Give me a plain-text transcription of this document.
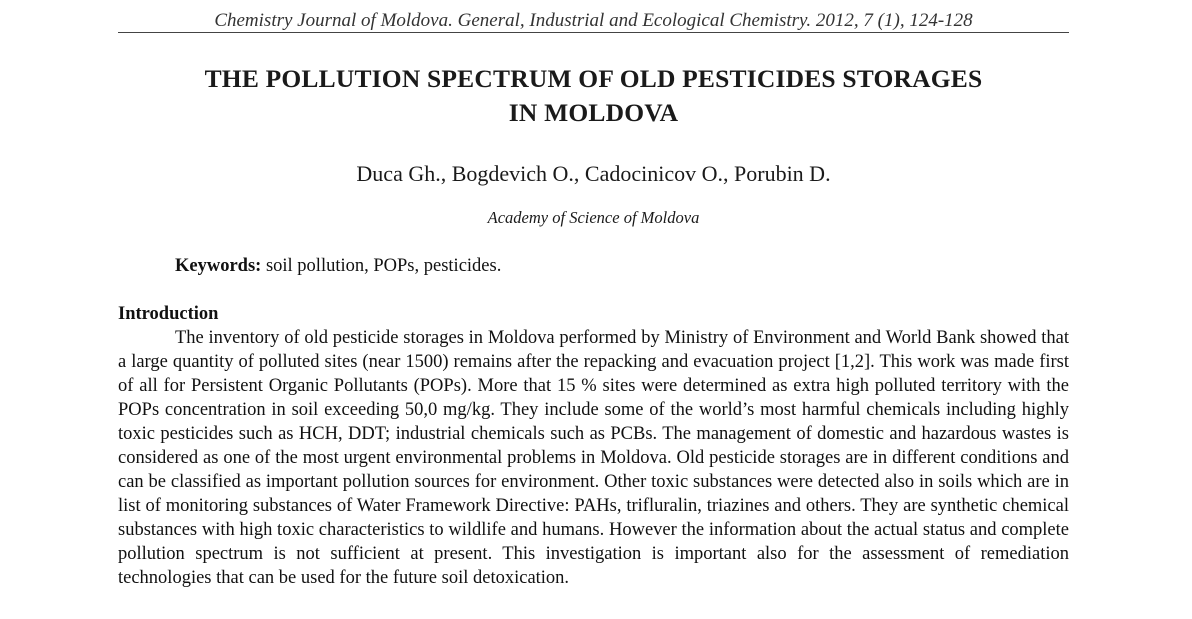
Chemistry Journal of Moldova. General, Industrial and Ecological Chemistry. 2012, 7 (1), 124-128
THE POLLUTION SPECTRUM OF OLD PESTICIDES STORAGES
IN MOLDOVA
Duca Gh., Bogdevich O., Cadocinicov O., Porubin D.
Academy of Science of Moldova
Keywords: soil pollution, POPs, pesticides.
Introduction

The inventory of old pesticide storages in Moldova performed by Ministry of Environment and World Bank showed that a large quantity of polluted sites (near 1500) remains after the repacking and evacuation project [1,2]. This work was made first of all for Persistent Organic Pollutants (POPs). More that 15 % sites were determined as extra high polluted territory with the POPs concentration in soil exceeding 50,0 mg/kg. They include some of the world’s most harmful chemicals including highly toxic pesticides such as HCH, DDT; industrial chemicals such as PCBs. The management of domestic and hazardous wastes is considered as one of the most urgent environmental problems in Moldova. Old pesticide storages are in different conditions and can be classified as important pollution sources for environment. Other toxic substances were detected also in soils which are in list of monitoring substances of Water Framework Directive: PAHs, trifluralin, triazines and others. They are synthetic chemical substances with high toxic characteristics to wildlife and humans. However the information about the actual status and complete pollution spectrum is not sufficient at present. This investigation is important also for the assessment of remediation technologies that can be used for the future soil detoxication.
